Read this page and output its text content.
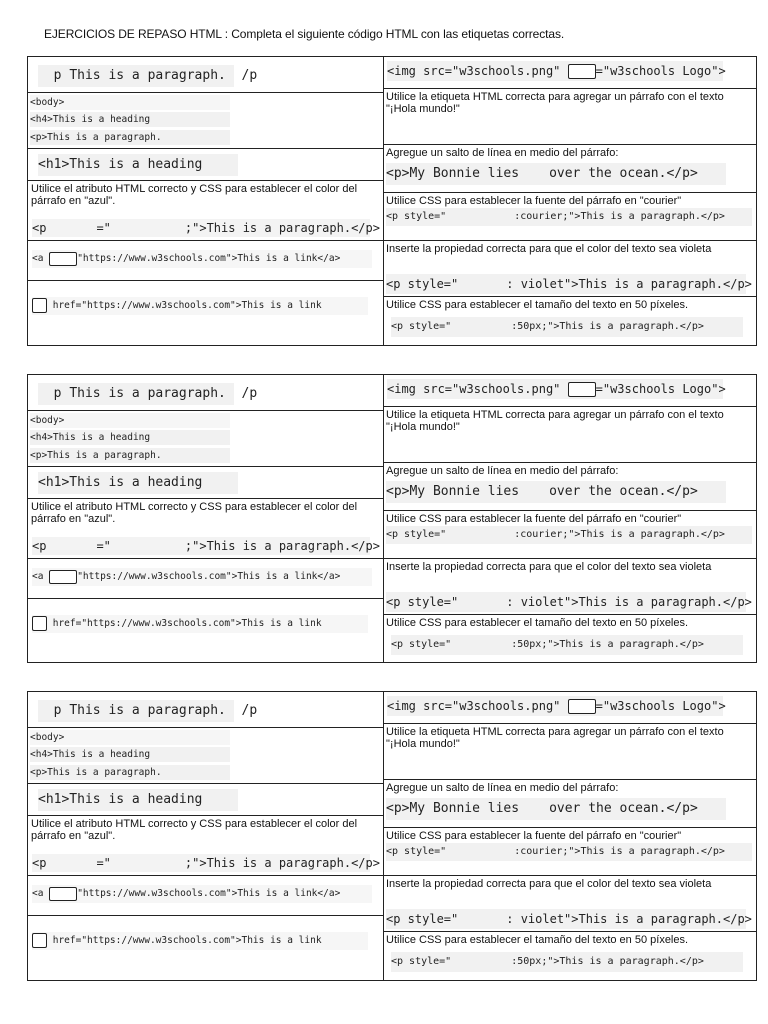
EJERCICIOS DE REPASO HTML : Completa el siguiente código HTML con las etiquetas correctas.
p This is a paragraph. /p
<body>
<h4>This is a heading
<p>This is a paragraph.
<h1>This is a heading
Utilice el atributo HTML correcto y CSS para establecer el color del párrafo en "azul".
<p	="	;">This is a paragraph.</p>
<a	"https://www.w3schools.com">This is a link</a>
href="https://www.w3schools.com">This is a link
<img src="w3schools.png"	="w3schools Logo">
Utilice la etiqueta HTML correcta para agregar un párrafo con el texto "¡Hola mundo!"
Agregue un salto de línea en medio del párrafo:
<p>My Bonnie lies over the ocean.</p>
Utilice CSS para establecer la fuente del párrafo en "courier"
<p style="	:courier;">This is a paragraph.</p>
Inserte la propiedad correcta para que el color del texto sea violeta
<p style="	: violet">This is a paragraph.</p>
Utilice CSS para establecer el tamaño del texto en 50 píxeles.
<p style="	:50px;">This is a paragraph.</p>
p This is a paragraph. /p
<body>
<h4>This is a heading
<p>This is a paragraph.
<h1>This is a heading
Utilice el atributo HTML correcto y CSS para establecer el color del párrafo en "azul".
<p	="	;">This is a paragraph.</p>
<a	"https://www.w3schools.com">This is a link</a>
href="https://www.w3schools.com">This is a link
<img src="w3schools.png"	="w3schools Logo">
Utilice la etiqueta HTML correcta para agregar un párrafo con el texto "¡Hola mundo!"
Agregue un salto de línea en medio del párrafo:
<p>My Bonnie lies over the ocean.</p>
Utilice CSS para establecer la fuente del párrafo en "courier"
<p style="	:courier;">This is a paragraph.</p>
Inserte la propiedad correcta para que el color del texto sea violeta
<p style="	: violet">This is a paragraph.</p>
Utilice CSS para establecer el tamaño del texto en 50 píxeles.
<p style="	:50px;">This is a paragraph.</p>
p This is a paragraph. /p
<body>
<h4>This is a heading
<p>This is a paragraph.
<h1>This is a heading
Utilice el atributo HTML correcto y CSS para establecer el color del párrafo en "azul".
<p	="	;">This is a paragraph.</p>
<a	"https://www.w3schools.com">This is a link</a>
href="https://www.w3schools.com">This is a link
<img src="w3schools.png"	="w3schools Logo">
Utilice la etiqueta HTML correcta para agregar un párrafo con el texto "¡Hola mundo!"
Agregue un salto de línea en medio del párrafo:
<p>My Bonnie lies over the ocean.</p>
Utilice CSS para establecer la fuente del párrafo en "courier"
<p style="	:courier;">This is a paragraph.</p>
Inserte la propiedad correcta para que el color del texto sea violeta
<p style="	: violet">This is a paragraph.</p>
Utilice CSS para establecer el tamaño del texto en 50 píxeles.
<p style="	:50px;">This is a paragraph.</p>
